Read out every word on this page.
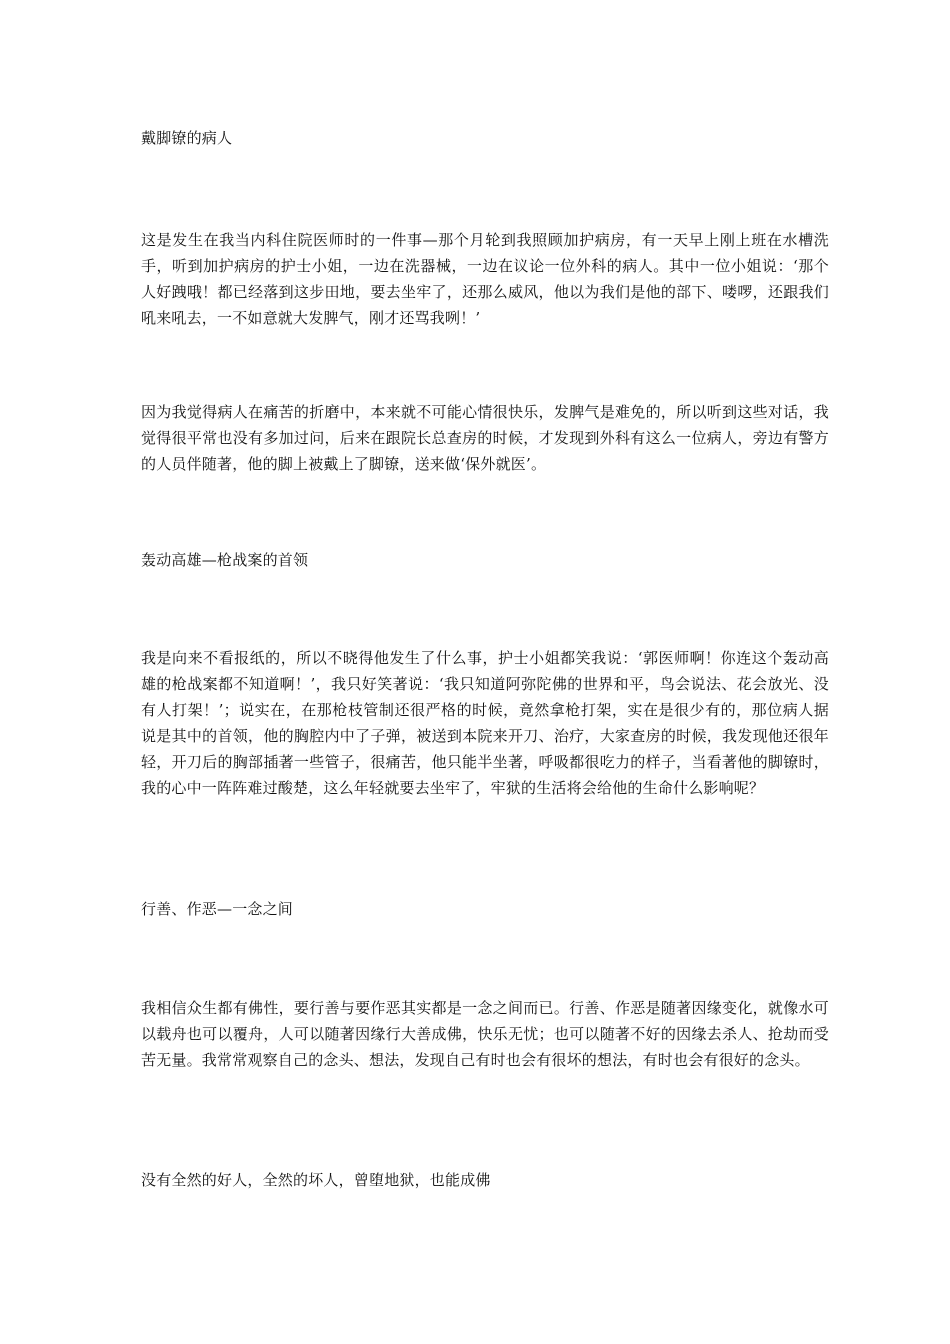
戴脚镣的病人

这是发生在我当内科住院医师时的一件事—那个月轮到我照顾加护病房，有一天早上刚上班在水槽洗手，听到加护病房的护士小姐，一边在洗器械，一边在议论一位外科的病人。其中一位小姐说：‘那个人好跩哦！都已经落到这步田地，要去坐牢了，还那么威风，他以为我们是他的部下、喽啰，还跟我们吼来吼去，一不如意就大发脾气，刚才还骂我咧！’

因为我觉得病人在痛苦的折磨中，本来就不可能心情很快乐，发脾气是难免的，所以听到这些对话，我觉得很平常也没有多加过问，后来在跟院长总查房的时候，才发现到外科有这么一位病人，旁边有警方的人员伴随著，他的脚上被戴上了脚镣，送来做‘保外就医’。

轰动高雄—枪战案的首领

我是向来不看报纸的，所以不晓得他发生了什么事，护士小姐都笑我说：‘郭医师啊！你连这个轰动高雄的枪战案都不知道啊！’，我只好笑著说：‘我只知道阿弥陀佛的世界和平，鸟会说法、花会放光、没有人打架！’；说实在，在那枪枝管制还很严格的时候，竟然拿枪打架，实在是很少有的，那位病人据说是其中的首领，他的胸腔内中了子弹，被送到本院来开刀、治疗，大家查房的时候，我发现他还很年轻，开刀后的胸部插著一些管子，很痛苦，他只能半坐著，呼吸都很吃力的样子，当看著他的脚镣时，我的心中一阵阵难过酸楚，这么年轻就要去坐牢了，牢狱的生活将会给他的生命什么影响呢？

行善、作恶—一念之间

我相信众生都有佛性，要行善与要作恶其实都是一念之间而已。行善、作恶是随著因缘变化，就像水可以载舟也可以覆舟，人可以随著因缘行大善成佛，快乐无忧；也可以随著不好的因缘去杀人、抢劫而受苦无量。我常常观察自己的念头、想法，发现自己有时也会有很坏的想法，有时也会有很好的念头。

没有全然的好人，全然的坏人，曾堕地狱，也能成佛
